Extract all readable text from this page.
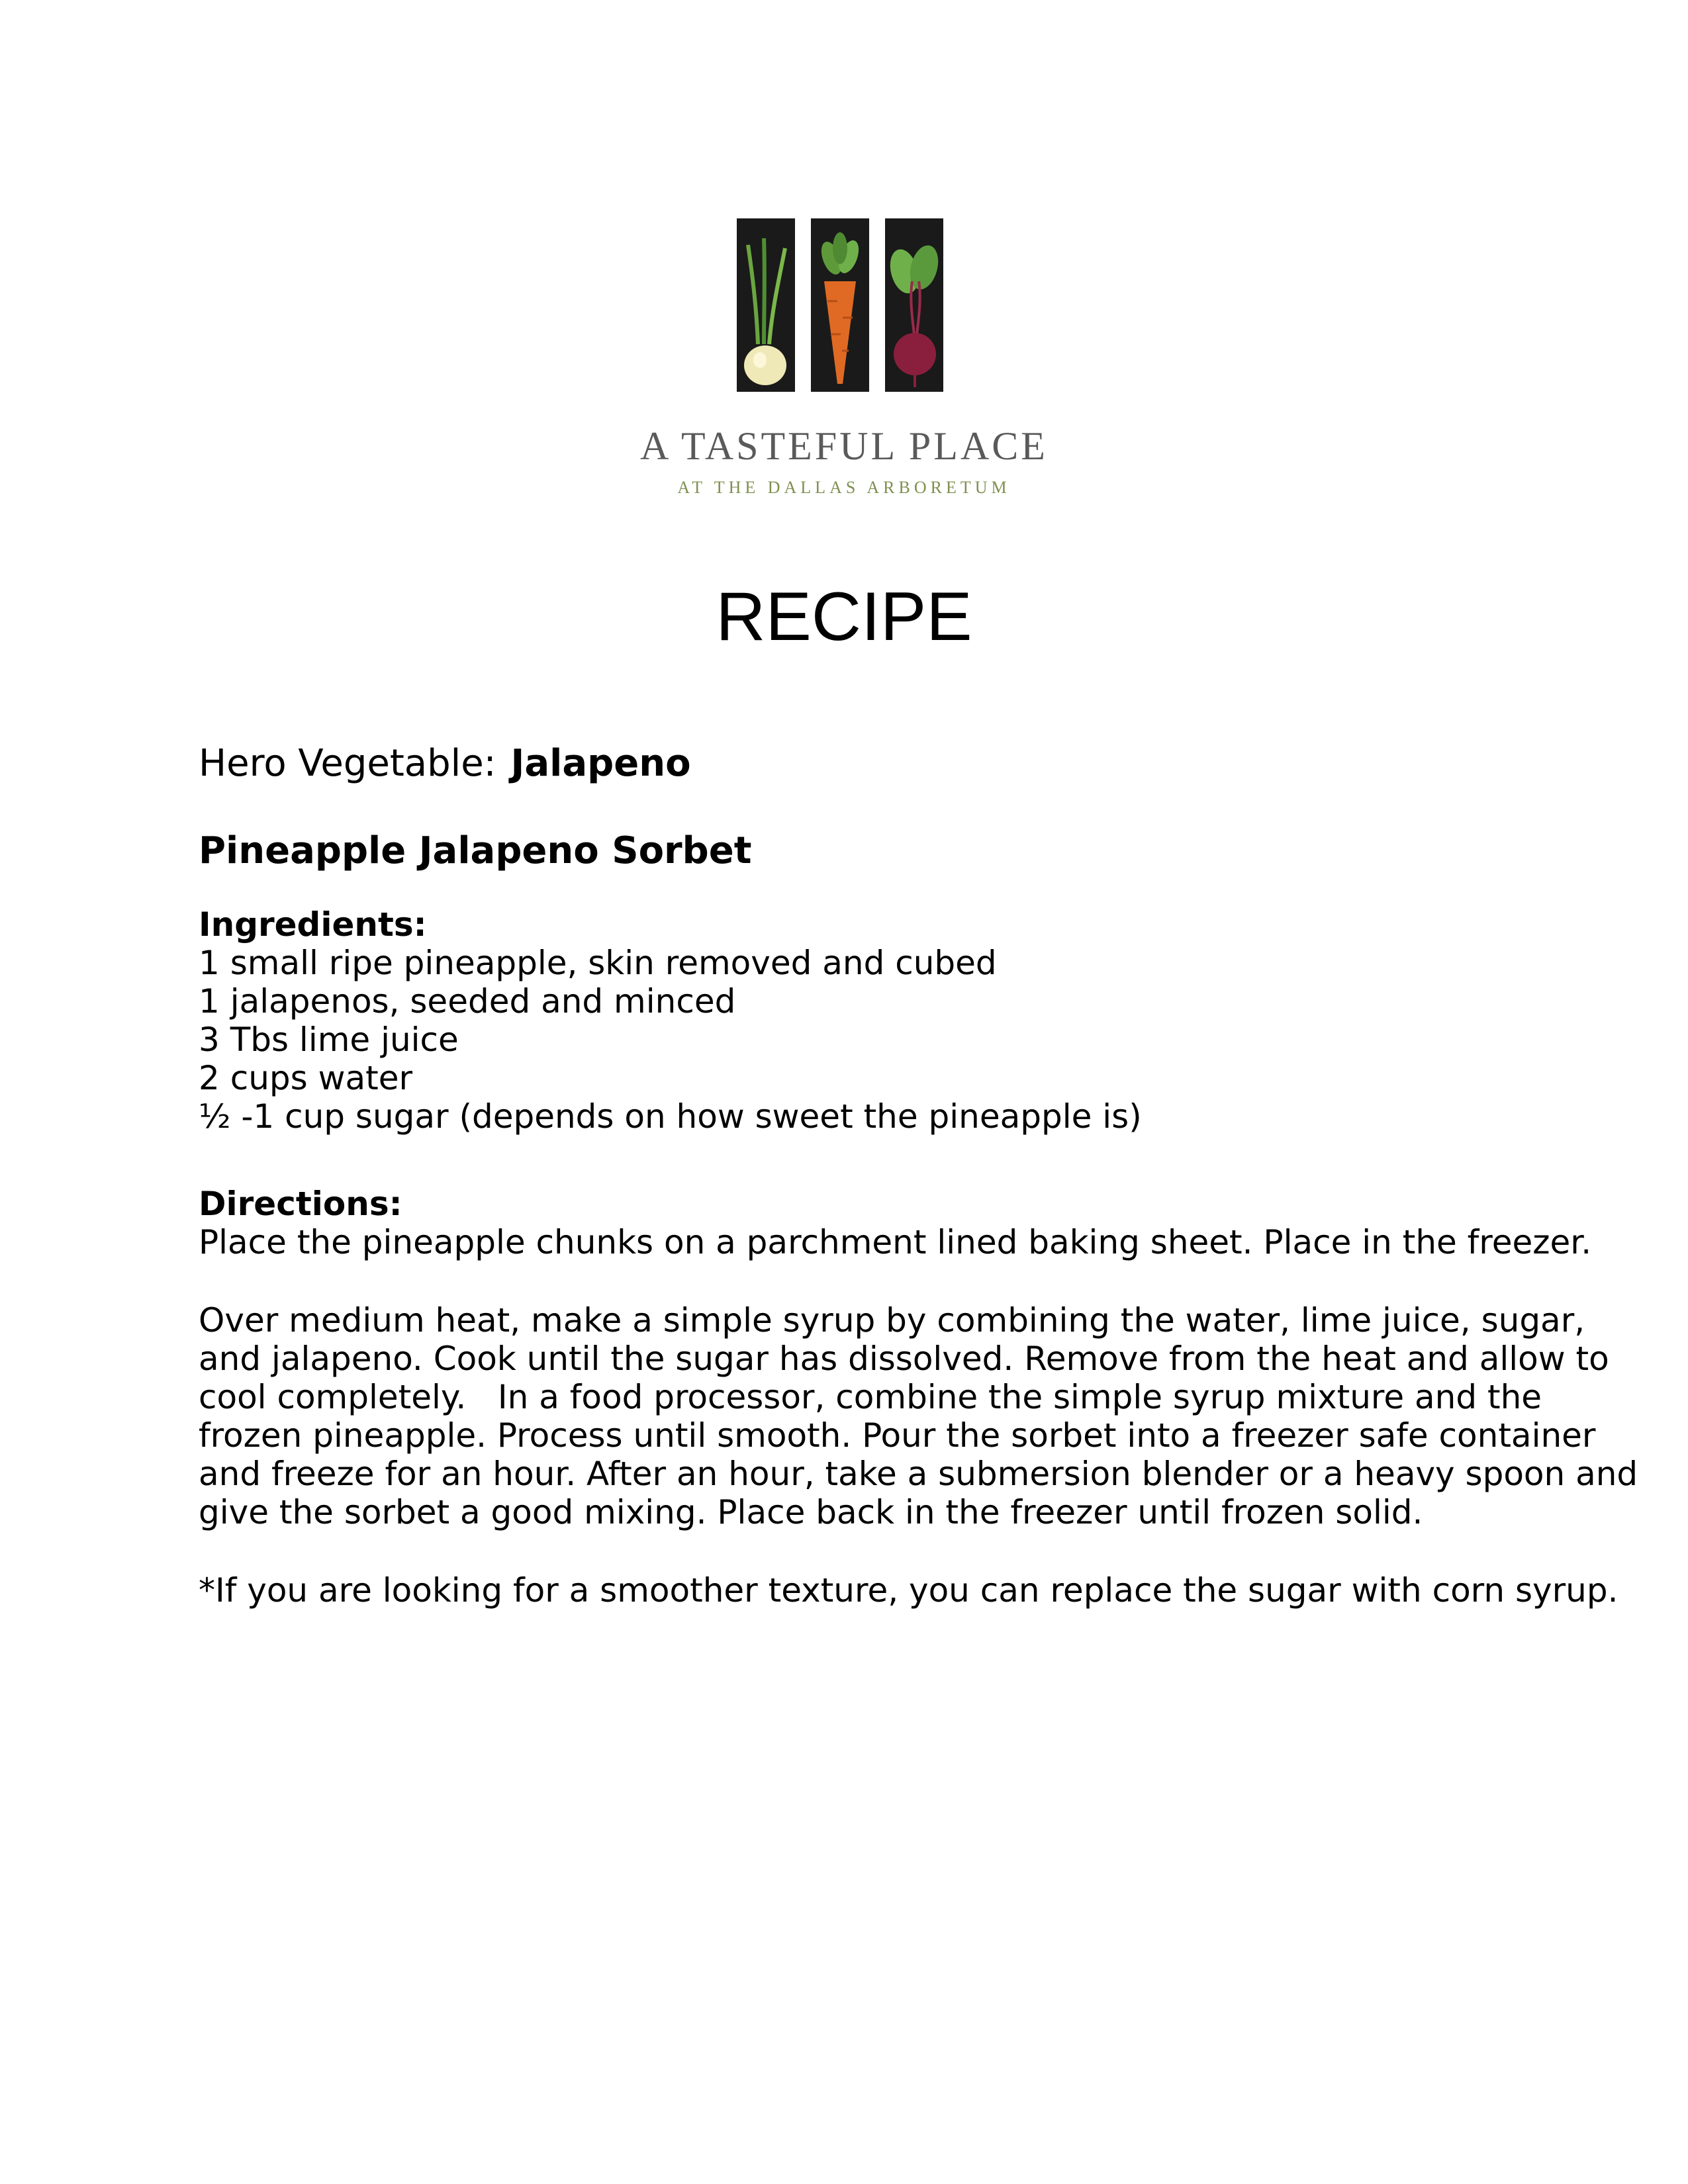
A TASTEFUL PLACE
AT THE DALLAS ARBORETUM
RECIPE
Hero Vegetable: Jalapeno
Pineapple Jalapeno Sorbet
Ingredients:
1 small ripe pineapple, skin removed and cubed
1 jalapenos, seeded and minced
3 Tbs lime juice
2 cups water
½ -1 cup sugar (depends on how sweet the pineapple is)
Directions:
Place the pineapple chunks on a parchment lined baking sheet. Place in the freezer.
Over medium heat, make a simple syrup by combining the water, lime juice, sugar,
and jalapeno. Cook until the sugar has dissolved. Remove from the heat and allow to
cool completely.   In a food processor, combine the simple syrup mixture and the
frozen pineapple. Process until smooth. Pour the sorbet into a freezer safe container
and freeze for an hour. After an hour, take a submersion blender or a heavy spoon and
give the sorbet a good mixing. Place back in the freezer until frozen solid.
*If you are looking for a smoother texture, you can replace the sugar with corn syrup.
